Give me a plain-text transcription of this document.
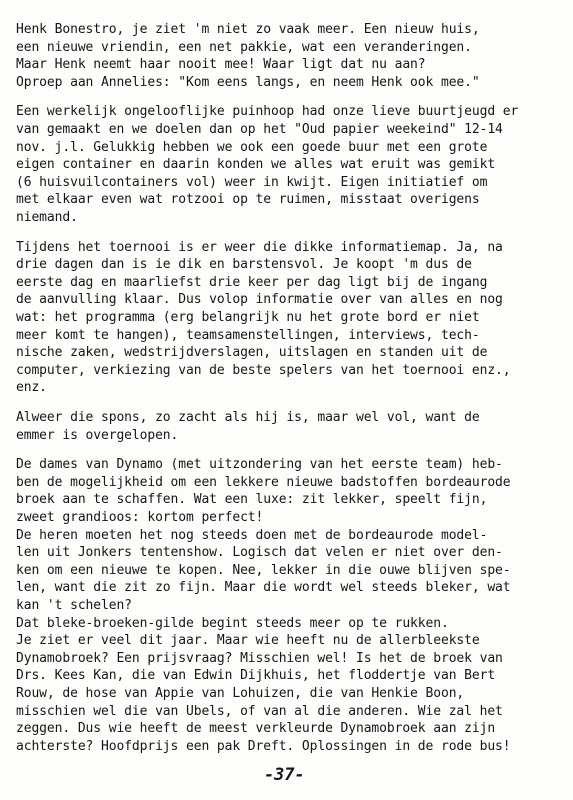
Henk Bonestro, je ziet 'm niet zo vaak meer. Een nieuw huis,
een nieuwe vriendin, een net pakkie, wat een veranderingen.
Maar Henk neemt haar nooit mee! Waar ligt dat nu aan?
Oproep aan Annelies: "Kom eens langs, en neem Henk ook mee."
Een werkelijk ongelooflijke puinhoop had onze lieve buurtjeugd er
van gemaakt en we doelen dan op het "Oud papier weekeind" 12-14
nov. j.l. Gelukkig hebben we ook een goede buur met een grote
eigen container en daarin konden we alles wat eruit was gemikt
(6 huisvuilcontainers vol) weer in kwijt. Eigen initiatief om
met elkaar even wat rotzooi op te ruimen, misstaat overigens
niemand.
Tijdens het toernooi is er weer die dikke informatiemap. Ja, na
drie dagen dan is ie dik en barstensvol. Je koopt 'm dus de
eerste dag en maarliefst drie keer per dag ligt bij de ingang
de aanvulling klaar. Dus volop informatie over van alles en nog
wat: het programma (erg belangrijk nu het grote bord er niet
meer komt te hangen), teamsamenstellingen, interviews, tech-
nische zaken, wedstrijdverslagen, uitslagen en standen uit de
computer, verkiezing van de beste spelers van het toernooi enz.,
enz.
Alweer die spons, zo zacht als hij is, maar wel vol, want de
emmer is overgelopen.
De dames van Dynamo (met uitzondering van het eerste team) heb-
ben de mogelijkheid om een lekkere nieuwe badstoffen bordeaurode
broek aan te schaffen. Wat een luxe: zit lekker, speelt fijn,
zweet grandioos: kortom perfect!
De heren moeten het nog steeds doen met de bordeaurode model-
len uit Jonkers tentenshow. Logisch dat velen er niet over den-
ken om een nieuwe te kopen. Nee, lekker in die ouwe blijven spe-
len, want die zit zo fijn. Maar die wordt wel steeds bleker, wat
kan 't schelen?
Dat bleke-broeken-gilde begint steeds meer op te rukken.
Je ziet er veel dit jaar. Maar wie heeft nu de allerbleekste
Dynamobroek? Een prijsvraag? Misschien wel! Is het de broek van
Drs. Kees Kan, die van Edwin Dijkhuis, het floddertje van Bert
Rouw, de hose van Appie van Lohuizen, die van Henkie Boon,
misschien wel die van Ubels, of van al die anderen. Wie zal het
zeggen. Dus wie heeft de meest verkleurde Dynamobroek aan zijn
achterste? Hoofdprijs een pak Dreft. Oplossingen in de rode bus!
-37-
